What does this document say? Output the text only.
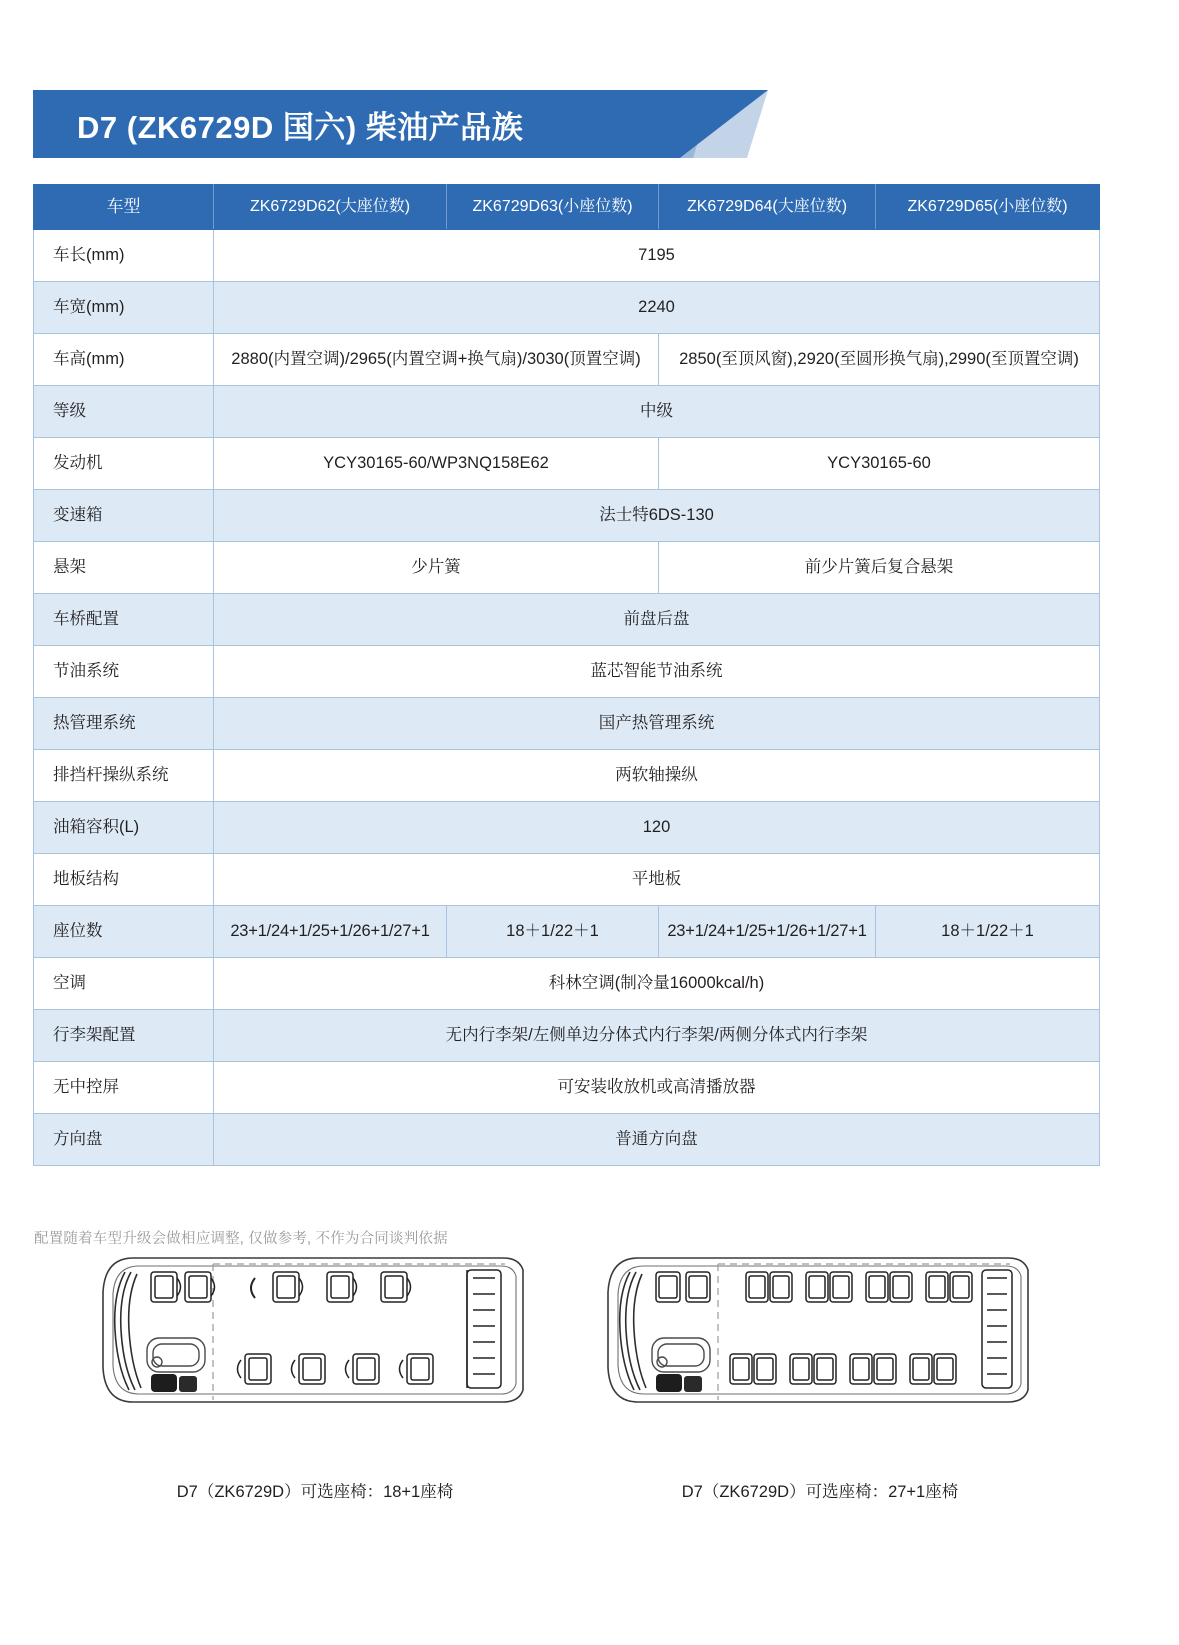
D7 (ZK6729D 国六) 柴油产品族
车型	ZK6729D62(大座位数)	ZK6729D63(小座位数)	ZK6729D64(大座位数)	ZK6729D65(小座位数)
车长(mm)	7195			
车宽(mm)	2240			
车高(mm)	2880(内置空调)/2965(内置空调+换气扇)/3030(顶置空调)		2850(至顶风窗),2920(至圆形换气扇),2990(至顶置空调)	
等级	中级			
发动机	YCY30165-60/WP3NQ158E62		YCY30165-60	
变速箱	法士特6DS-130			
悬架	少片簧		前少片簧后复合悬架	
车桥配置	前盘后盘			
节油系统	蓝芯智能节油系统			
热管理系统	国产热管理系统			
排挡杆操纵系统	两软轴操纵			
油箱容积(L)	120			
地板结构	平地板			
座位数	23+1/24+1/25+1/26+1/27+1	18＋1/22＋1	23+1/24+1/25+1/26+1/27+1	18＋1/22＋1
空调	科林空调(制冷量16000kcal/h)			
行李架配置	无内行李架/左侧单边分体式内行李架/两侧分体式内行李架			
无中控屏	可安装收放机或高清播放器			
方向盘	普通方向盘			
配置随着车型升级会做相应调整, 仅做参考, 不作为合同谈判依据
D7（ZK6729D）可选座椅：18+1座椅	D7（ZK6729D）可选座椅：27+1座椅
